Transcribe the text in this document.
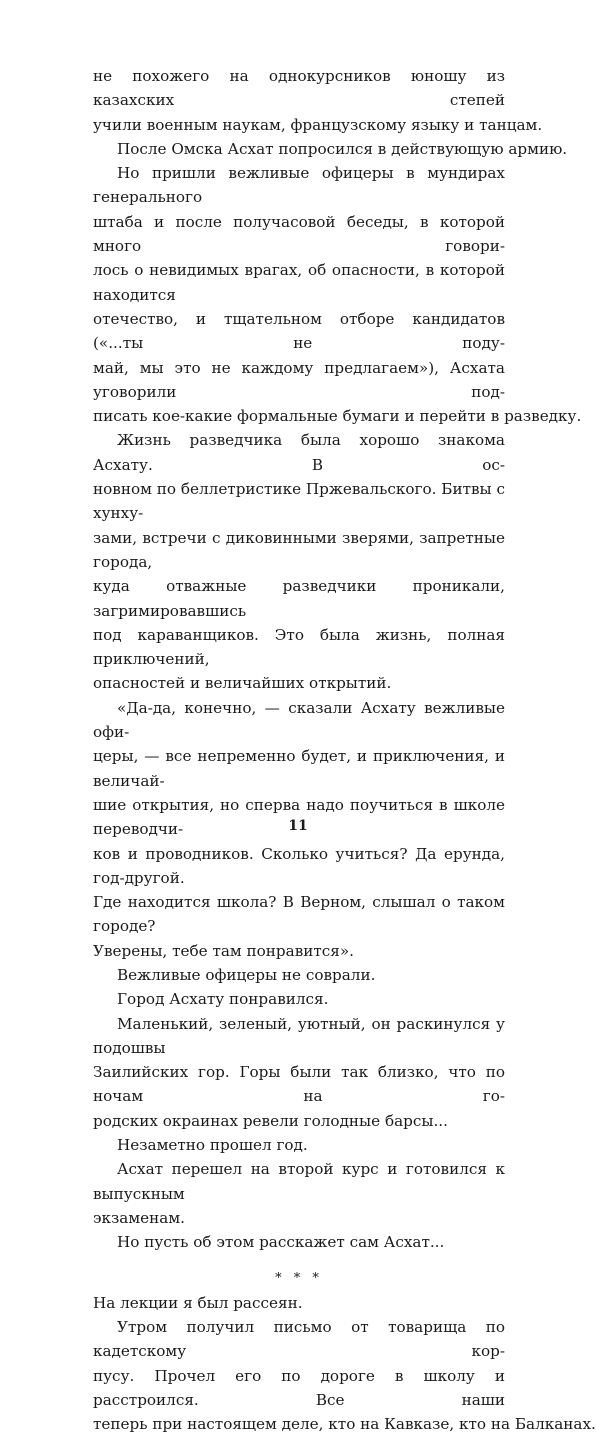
не похожего на однокурсников юношу из казахских степей
учили военным наукам, французскому языку и танцам.

После Омска Асхат попросился в действующую армию.

Но пришли вежливые офицеры в мундирах генерального
штаба и после получасовой беседы, в которой много говори-
лось о невидимых врагах, об опасности, в которой находится
отечество, и тщательном отборе кандидатов («...ты не поду-
май, мы это не каждому предлагаем»), Асхата уговорили под-
писать кое-какие формальные бумаги и перейти в разведку.

Жизнь разведчика была хорошо знакома Асхату. В ос-
новном по беллетристике Пржевальского. Битвы с хунху-
зами, встречи с диковинными зверями, запретные города,
куда отважные разведчики проникали, загримировавшись
под караванщиков. Это была жизнь, полная приключений,
опасностей и величайших открытий.

«Да-да, конечно, — сказали Асхату вежливые офи-
церы, — все непременно будет, и приключения, и величай-
шие открытия, но сперва надо поучиться в школе переводчи-
ков и проводников. Сколько учиться? Да ерунда, год-другой.
Где находится школа? В Верном, слышал о таком городе?
Уверены, тебе там понравится».

Вежливые офицеры не соврали.

Город Асхату понравился.

Маленький, зеленый, уютный, он раскинулся у подошвы
Заилийских гор. Горы были так близко, что по ночам на го-
родских окраинах ревели голодные барсы...

Незаметно прошел год.

Асхат перешел на второй курс и готовился к выпускным
экзаменам.

Но пусть об этом расскажет сам Асхат...

* * *

На лекции я был рассеян.

Утром получил письмо от товарища по кадетскому кор-
пусу. Прочел его по дороге в школу и расстроился. Все наши
теперь при настоящем деле, кто на Кавказе, кто на Балканах.

11
